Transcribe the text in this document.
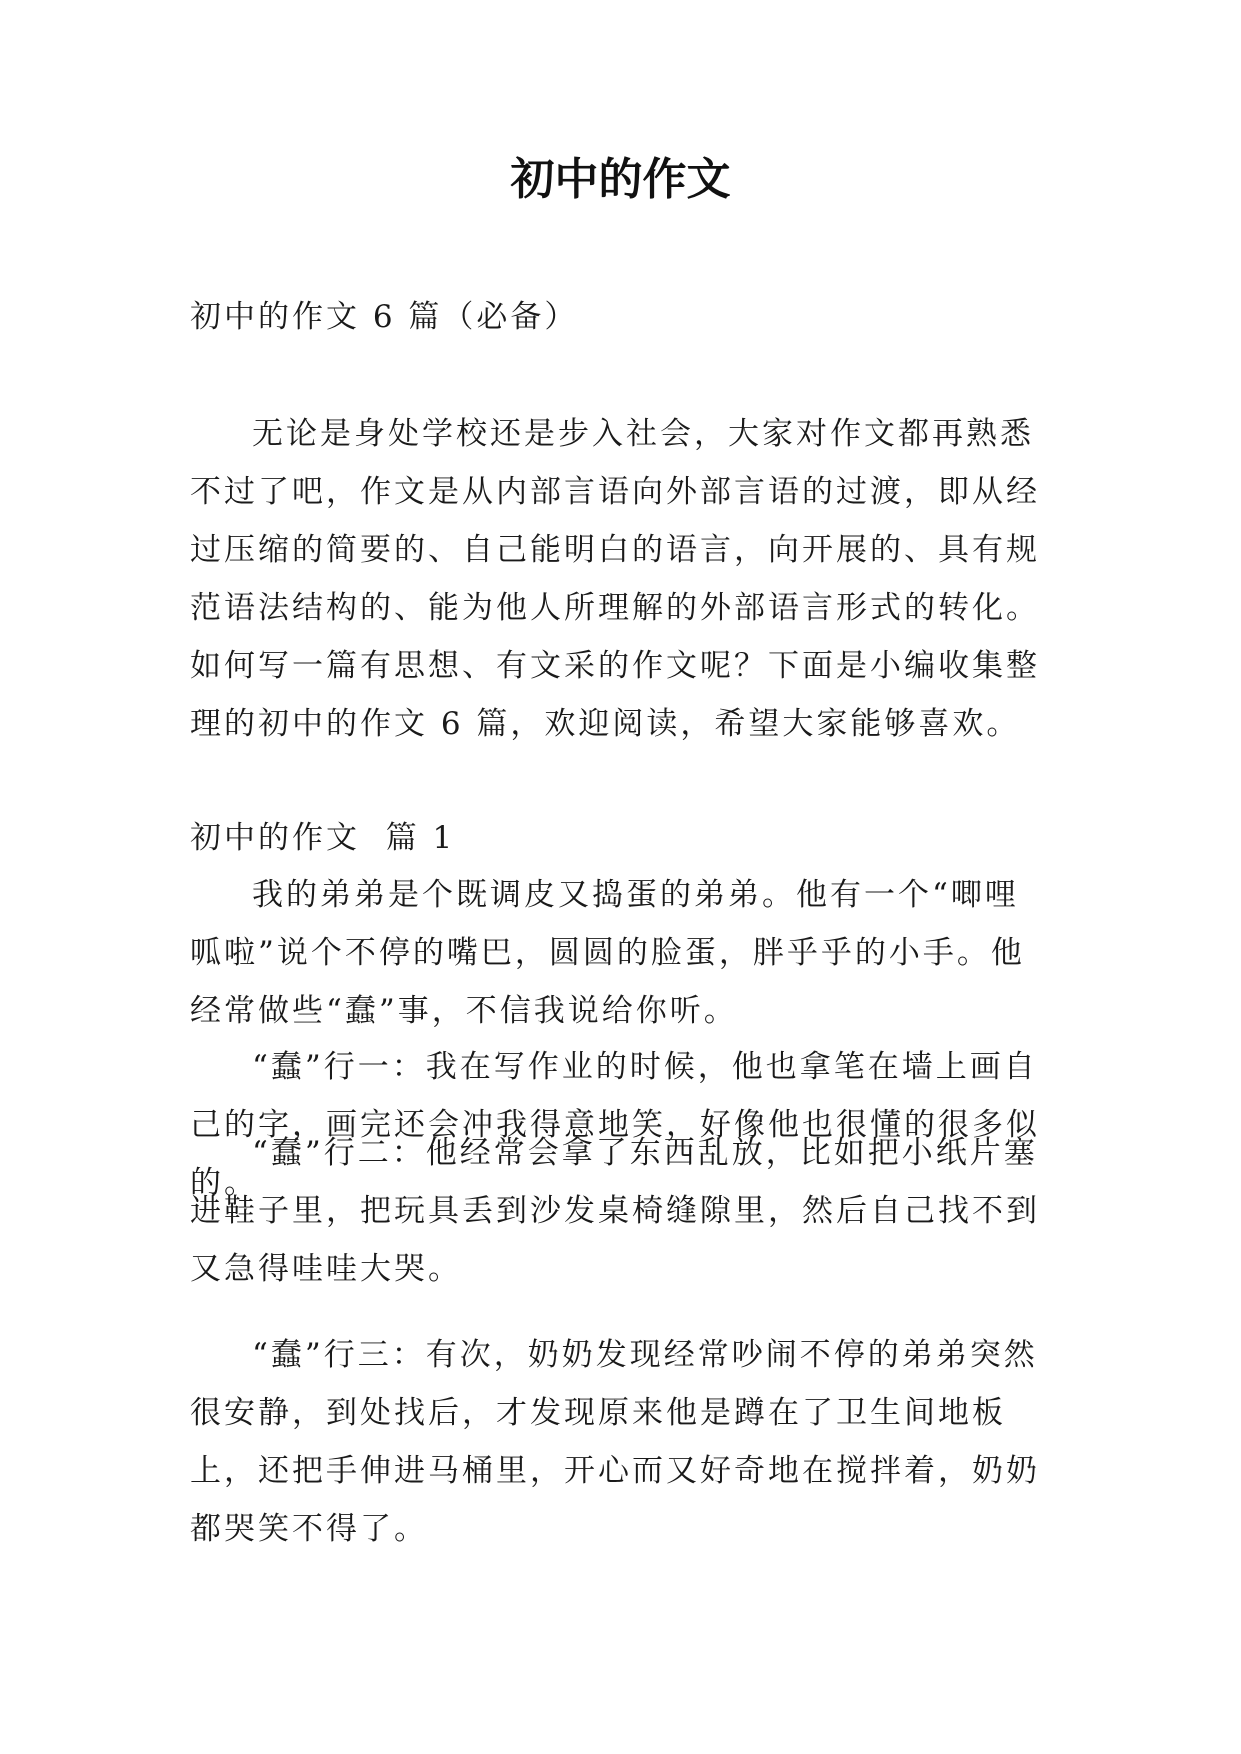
初中的作文

初中的作文 6 篇（必备）

无论是身处学校还是步入社会，大家对作文都再熟悉不过了吧，作文是从内部言语向外部言语的过渡，即从经过压缩的简要的、自己能明白的语言，向开展的、具有规范语法结构的、能为他人所理解的外部语言形式的转化。如何写一篇有思想、有文采的作文呢？下面是小编收集整理的初中的作文 6 篇，欢迎阅读，希望大家能够喜欢。

初中的作文  篇 1

我的弟弟是个既调皮又捣蛋的弟弟。他有一个“唧哩呱啦”说个不停的嘴巴，圆圆的脸蛋，胖乎乎的小手。他经常做些“蠢”事，不信我说给你听。

“蠢”行一：我在写作业的时候，他也拿笔在墙上画自己的字，画完还会冲我得意地笑，好像他也很懂的很多似的。

“蠢”行二：他经常会拿了东西乱放，比如把小纸片塞进鞋子里，把玩具丢到沙发桌椅缝隙里，然后自己找不到又急得哇哇大哭。

“蠢”行三：有次，奶奶发现经常吵闹不停的弟弟突然很安静，到处找后，才发现原来他是蹲在了卫生间地板上，还把手伸进马桶里，开心而又好奇地在搅拌着，奶奶都哭笑不得了。
